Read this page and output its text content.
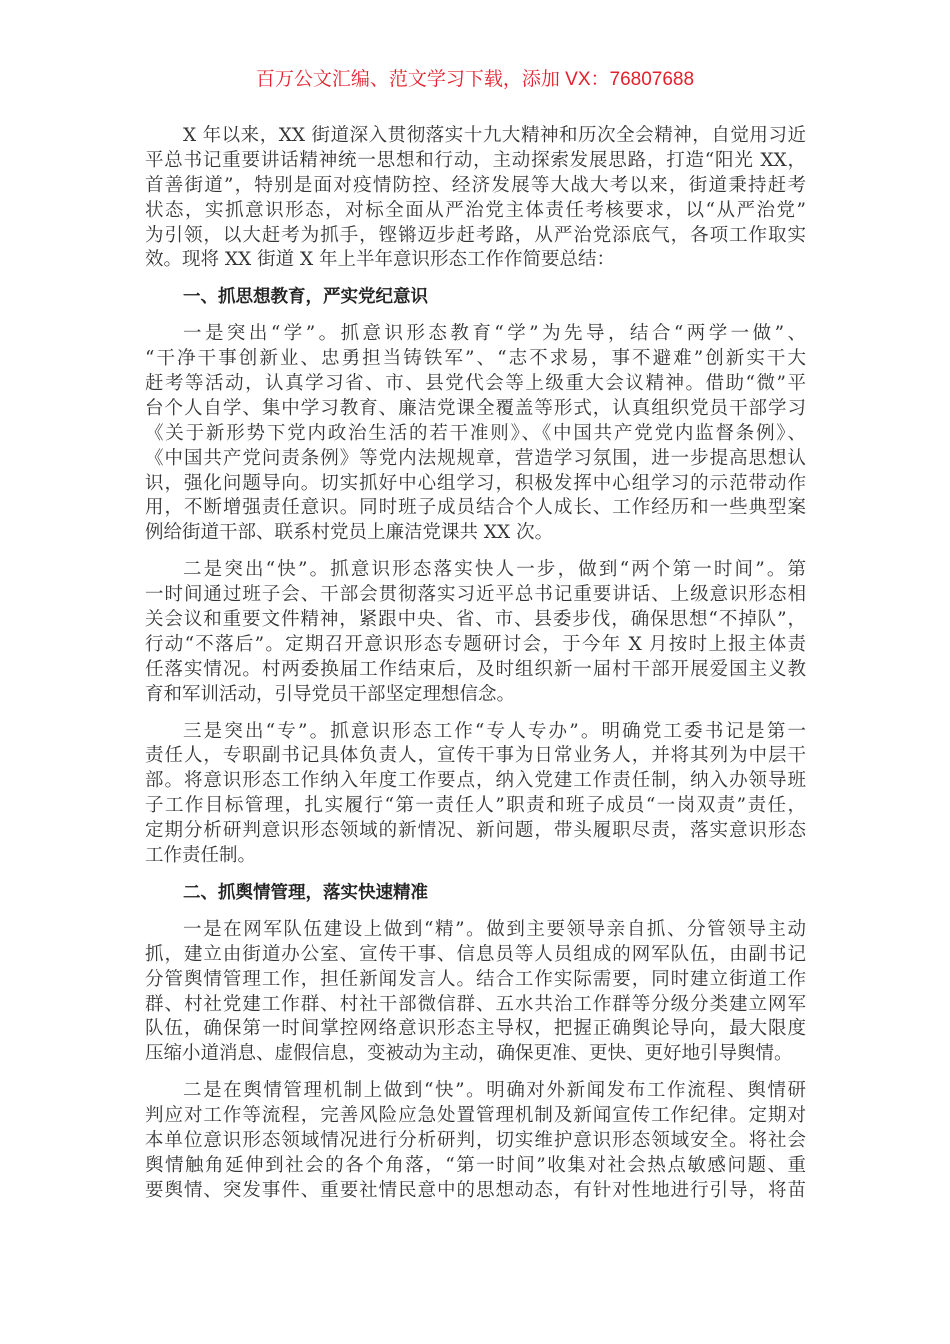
百万公文汇编、范文学习下载，添加 VX：76807688
X 年以来，XX 街道深入贯彻落实十九大精神和历次全会精神，自觉用习近
平总书记重要讲话精神统一思想和行动，主动探索发展思路，打造“阳光 XX，
首善街道”，特别是面对疫情防控、经济发展等大战大考以来，街道秉持赶考
状态，实抓意识形态，对标全面从严治党主体责任考核要求，以“从严治党”
为引领，以大赶考为抓手，铿锵迈步赶考路，从严治党添底气，各项工作取实
效。现将 XX 街道 X 年上半年意识形态工作作简要总结：
一、抓思想教育，严实党纪意识
一是突出“学”。抓意识形态教育“学”为先导，结合“两学一做”、
“干净干事创新业、忠勇担当铸铁军”、“志不求易，事不避难”创新实干大
赶考等活动，认真学习省、市、县党代会等上级重大会议精神。借助“微”平
台个人自学、集中学习教育、廉洁党课全覆盖等形式，认真组织党员干部学习
《关于新形势下党内政治生活的若干准则》、《中国共产党党内监督条例》、
《中国共产党问责条例》等党内法规规章，营造学习氛围，进一步提高思想认
识，强化问题导向。切实抓好中心组学习，积极发挥中心组学习的示范带动作
用，不断增强责任意识。同时班子成员结合个人成长、工作经历和一些典型案
例给街道干部、联系村党员上廉洁党课共 XX 次。
二是突出“快”。抓意识形态落实快人一步，做到“两个第一时间”。第
一时间通过班子会、干部会贯彻落实习近平总书记重要讲话、上级意识形态相
关会议和重要文件精神，紧跟中央、省、市、县委步伐，确保思想“不掉队”，
行动“不落后”。定期召开意识形态专题研讨会，于今年 X 月按时上报主体责
任落实情况。村两委换届工作结束后，及时组织新一届村干部开展爱国主义教
育和军训活动，引导党员干部坚定理想信念。
三是突出“专”。抓意识形态工作“专人专办”。明确党工委书记是第一
责任人，专职副书记具体负责人，宣传干事为日常业务人，并将其列为中层干
部。将意识形态工作纳入年度工作要点，纳入党建工作责任制，纳入办领导班
子工作目标管理，扎实履行“第一责任人”职责和班子成员“一岗双责”责任，
定期分析研判意识形态领域的新情况、新问题，带头履职尽责，落实意识形态
工作责任制。
二、抓舆情管理，落实快速精准
一是在网军队伍建设上做到“精”。做到主要领导亲自抓、分管领导主动
抓，建立由街道办公室、宣传干事、信息员等人员组成的网军队伍，由副书记
分管舆情管理工作，担任新闻发言人。结合工作实际需要，同时建立街道工作
群、村社党建工作群、村社干部微信群、五水共治工作群等分级分类建立网军
队伍，确保第一时间掌控网络意识形态主导权，把握正确舆论导向，最大限度
压缩小道消息、虚假信息，变被动为主动，确保更准、更快、更好地引导舆情。
二是在舆情管理机制上做到“快”。明确对外新闻发布工作流程、舆情研
判应对工作等流程，完善风险应急处置管理机制及新闻宣传工作纪律。定期对
本单位意识形态领域情况进行分析研判，切实维护意识形态领域安全。将社会
舆情触角延伸到社会的各个角落，“第一时间”收集对社会热点敏感问题、重
要舆情、突发事件、重要社情民意中的思想动态，有针对性地进行引导，将苗
